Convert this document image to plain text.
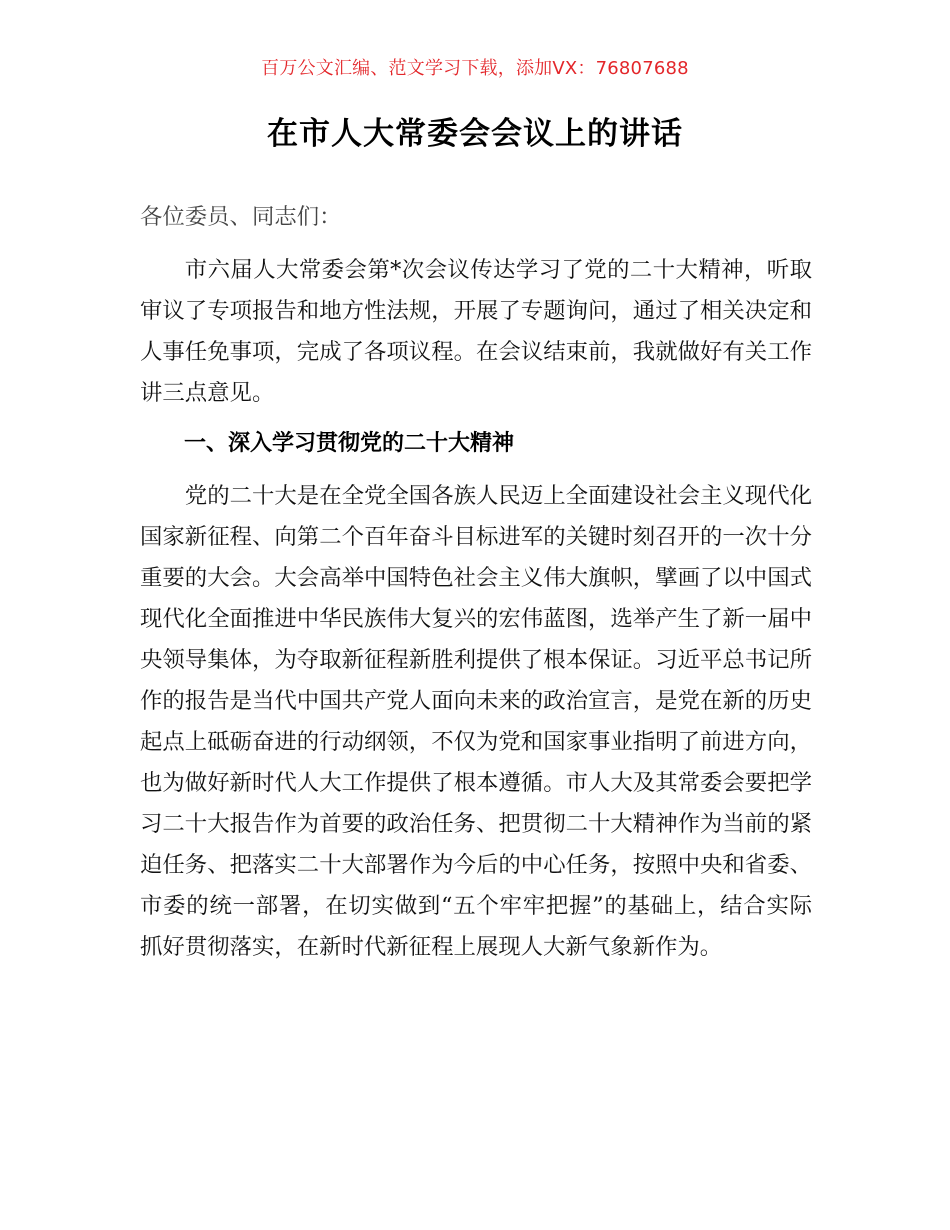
百万公文汇编、范文学习下载，添加VX：76807688
在市人大常委会会议上的讲话

各位委员、同志们：

市六届人大常委会第*次会议传达学习了党的二十大精神，听取审议了专项报告和地方性法规，开展了专题询问，通过了相关决定和人事任免事项，完成了各项议程。在会议结束前，我就做好有关工作讲三点意见。

一、深入学习贯彻党的二十大精神

党的二十大是在全党全国各族人民迈上全面建设社会主义现代化国家新征程、向第二个百年奋斗目标进军的关键时刻召开的一次十分重要的大会。大会高举中国特色社会主义伟大旗帜，擘画了以中国式现代化全面推进中华民族伟大复兴的宏伟蓝图，选举产生了新一届中央领导集体，为夺取新征程新胜利提供了根本保证。习近平总书记所作的报告是当代中国共产党人面向未来的政治宣言，是党在新的历史起点上砥砺奋进的行动纲领，不仅为党和国家事业指明了前进方向，也为做好新时代人大工作提供了根本遵循。市人大及其常委会要把学习二十大报告作为首要的政治任务、把贯彻二十大精神作为当前的紧迫任务、把落实二十大部署作为今后的中心任务，按照中央和省委、市委的统一部署，在切实做到“五个牢牢把握”的基础上，结合实际抓好贯彻落实，在新时代新征程上展现人大新气象新作为。
